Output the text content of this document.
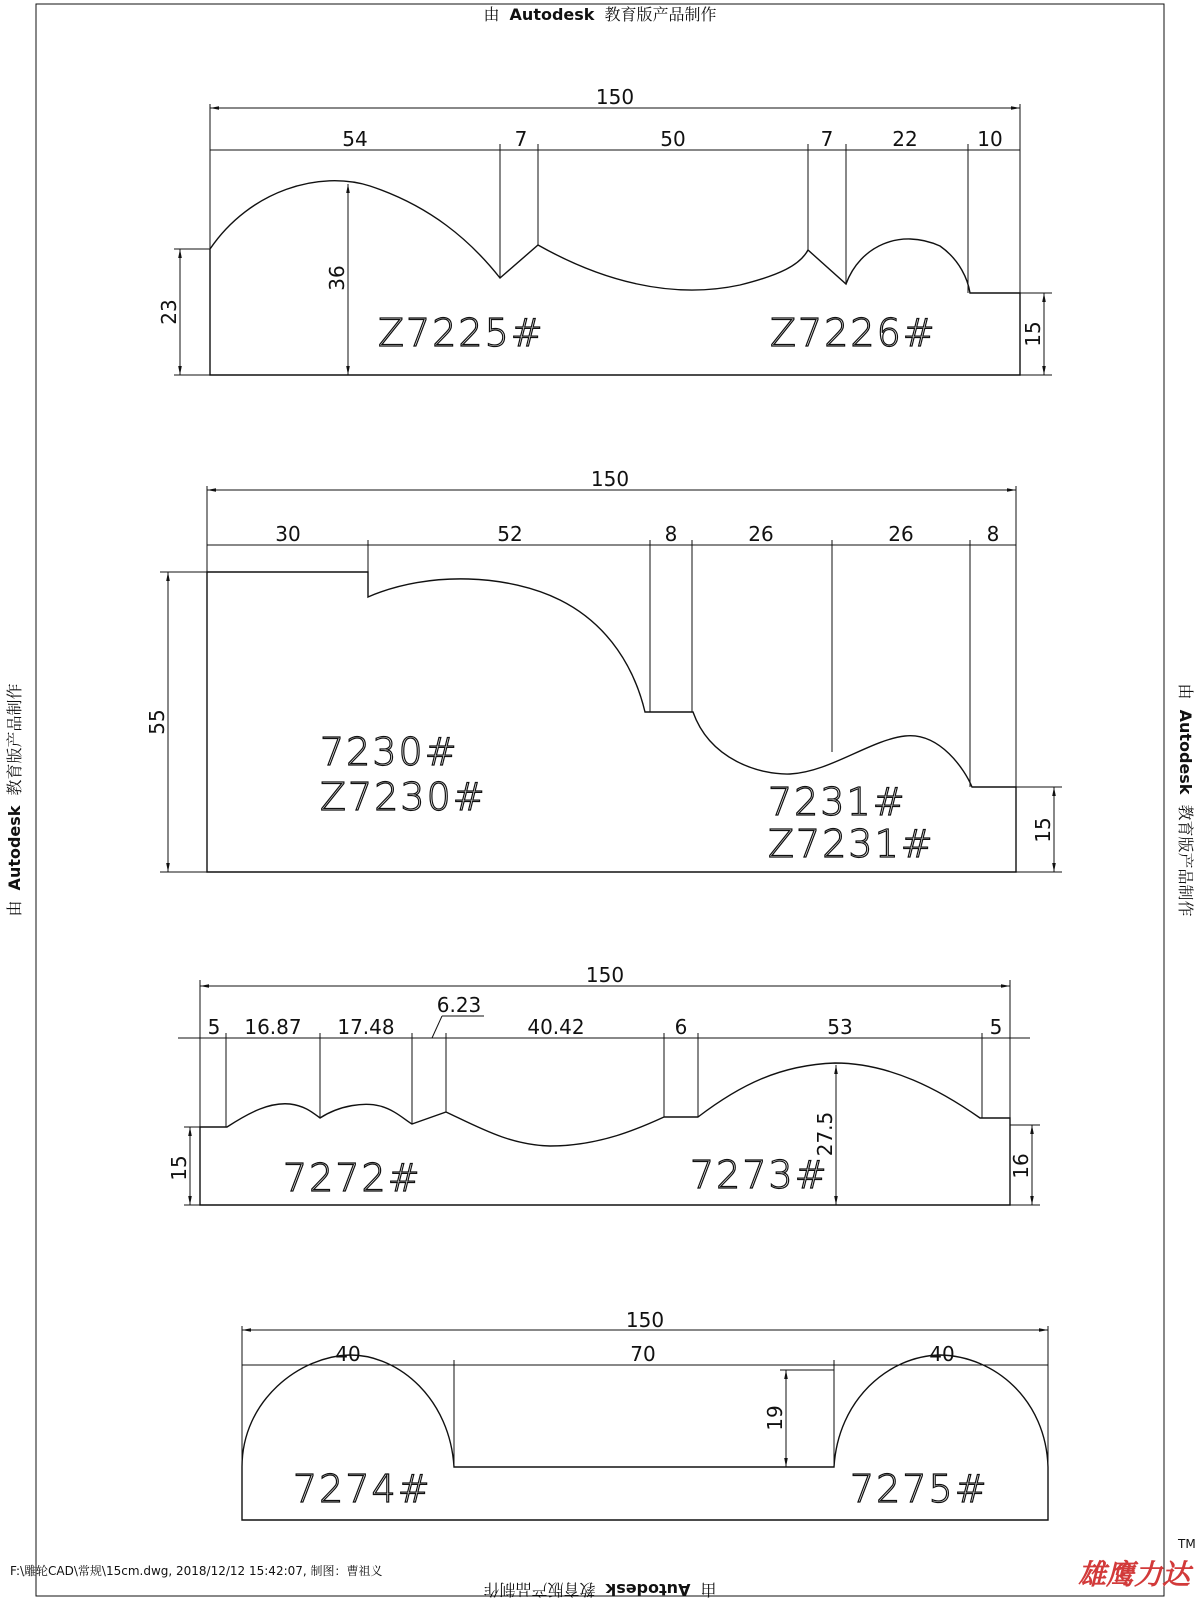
由 Autodesk 教育版产品制作
由 Autodesk 教育版产品制作
由 Autodesk 教育版产品制作	由 Autodesk 教育版产品制作
150
54	7	50	7	22	10
23
36
15
Z7225#	Z7226#
150
30	52	8	26	26	8
55
15
7230#
Z7230#	7231#
Z7231#
150
5 16.87 17.48
6.23
40.42	6	53	5
15
27.5
16
7272#	7273#
150
40	70	40
19
7274#	7275#
F:\雕轮CAD\常规\15cm.dwg, 2018/12/12 15:42:07, 制图：曹祖义	雄鹰力达
TM
